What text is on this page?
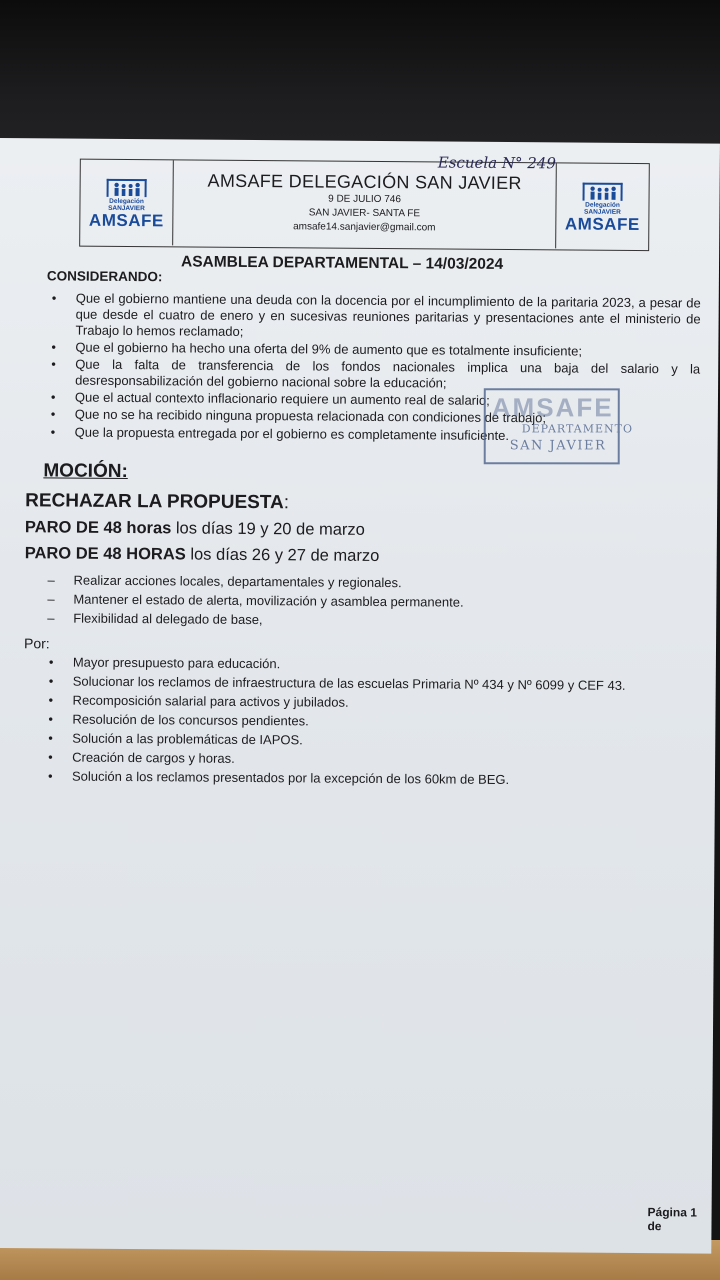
Delegación
SANJAVIER
AMSAFE
AMSAFE DELEGACIÓN SAN JAVIER
9 DE JULIO 746
SAN JAVIER- SANTA FE
amsafe14.sanjavier@gmail.com
Delegación
SANJAVIER
AMSAFE
Escuela N° 249
ASAMBLEA DEPARTAMENTAL – 14/03/2024
CONSIDERANDO:
• Que el gobierno mantiene una deuda con la docencia por el incumplimiento de la paritaria 2023, a pesar de que desde el cuatro de enero y en sucesivas reuniones paritarias y presentaciones ante el ministerio de Trabajo lo hemos reclamado;
• Que el gobierno ha hecho una oferta del 9% de aumento que es totalmente insuficiente;
• Que la falta de transferencia de los fondos nacionales implica una baja del salario y la desresponsabilización del gobierno nacional sobre la educación;
• Que el actual contexto inflacionario requiere un aumento real de salario;
• Que no se ha recibido ninguna propuesta relacionada con condiciones de trabajo;
• Que la propuesta entregada por el gobierno es completamente insuficiente.
AMSAFE
DEPARTAMENTO
SAN JAVIER
MOCIÓN:
RECHAZAR LA PROPUESTA:
PARO DE 48 horas los días 19 y 20 de marzo
PARO DE 48 HORAS los días 26 y 27 de marzo
– Realizar acciones locales, departamentales y regionales.
– Mantener el estado de alerta, movilización y asamblea permanente.
– Flexibilidad al delegado de base,
Por:
• Mayor presupuesto para educación.
• Solucionar los reclamos de infraestructura de las escuelas Primaria Nº 434 y Nº 6099 y CEF 43.
• Recomposición salarial para activos y jubilados.
• Resolución de los concursos pendientes.
• Solución a las problemáticas de IAPOS.
• Creación de cargos y horas.
• Solución a los reclamos presentados por la excepción de los 60km de BEG.
Página 1 de
